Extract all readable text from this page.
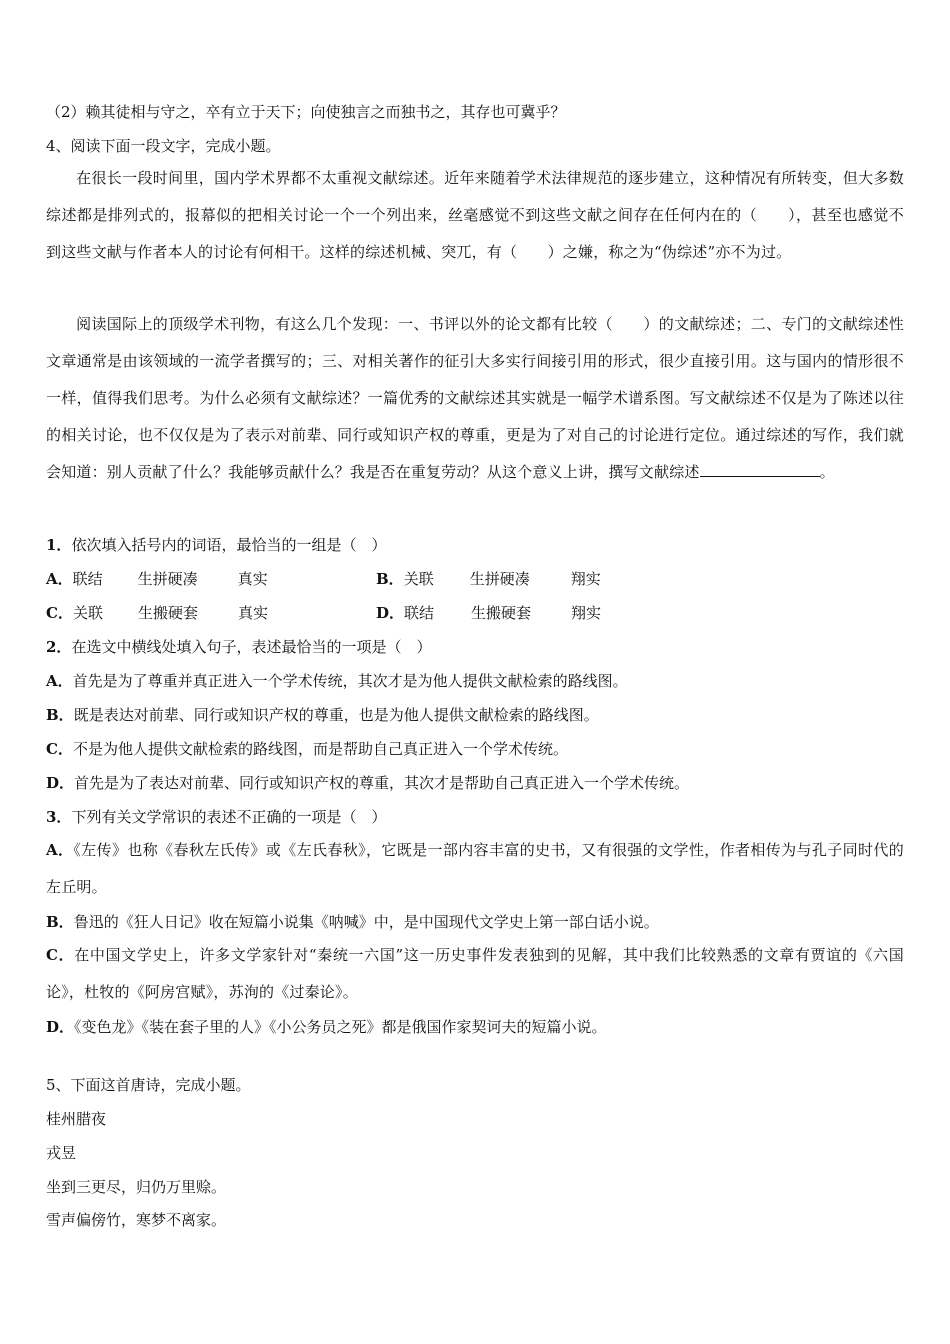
（2）赖其徒相与守之，卒有立于天下；向使独言之而独书之，其存也可冀乎？
4、阅读下面一段文字，完成小题。
在很长一段时间里，国内学术界都不太重视文献综述。近年来随着学术法律规范的逐步建立，这种情况有所转变，但大多数综述都是排列式的，报幕似的把相关讨论一个一个列出来，丝毫感觉不到这些文献之间存在任何内在的（　　），甚至也感觉不到这些文献与作者本人的讨论有何相干。这样的综述机械、突兀，有（　　）之嫌，称之为“伪综述”亦不为过。
阅读国际上的顶级学术刊物，有这么几个发现：一、书评以外的论文都有比较（　　）的文献综述；二、专门的文献综述性文章通常是由该领域的一流学者撰写的；三、对相关著作的征引大多实行间接引用的形式，很少直接引用。这与国内的情形很不一样，值得我们思考。为什么必须有文献综述？一篇优秀的文献综述其实就是一幅学术谱系图。写文献综述不仅是为了陈述以往的相关讨论，也不仅仅是为了表示对前辈、同行或知识产权的尊重，更是为了对自己的讨论进行定位。通过综述的写作，我们就会知道：别人贡献了什么？我能够贡献什么？我是否在重复劳动？从这个意义上讲，撰写文献综述	。
1．依次填入括号内的词语，最恰当的一组是（　）
A．联结 生拼硬凑	真实	B．关联 生拼硬凑	翔实
C．关联 生搬硬套	真实	D．联结 生搬硬套	翔实
2．在选文中横线处填入句子，表述最恰当的一项是（　）
A．首先是为了尊重并真正进入一个学术传统，其次才是为他人提供文献检索的路线图。
B．既是表达对前辈、同行或知识产权的尊重，也是为他人提供文献检索的路线图。
C．不是为他人提供文献检索的路线图，而是帮助自己真正进入一个学术传统。
D．首先是为了表达对前辈、同行或知识产权的尊重，其次才是帮助自己真正进入一个学术传统。
3．下列有关文学常识的表述不正确的一项是（　）
A．《左传》也称《春秋左氏传》或《左氏春秋》，它既是一部内容丰富的史书，又有很强的文学性，作者相传为与孔子同时代的左丘明。
B．鲁迅的《狂人日记》收在短篇小说集《呐喊》中，是中国现代文学史上第一部白话小说。
C．在中国文学史上，许多文学家针对“秦统一六国”这一历史事件发表独到的见解，其中我们比较熟悉的文章有贾谊的《六国论》，杜牧的《阿房宫赋》，苏洵的《过秦论》。
D．《变色龙》《装在套子里的人》《小公务员之死》都是俄国作家契诃夫的短篇小说。
5、下面这首唐诗，完成小题。
桂州腊夜
戎昱
坐到三更尽，归仍万里赊。
雪声偏傍竹，寒梦不离家。
